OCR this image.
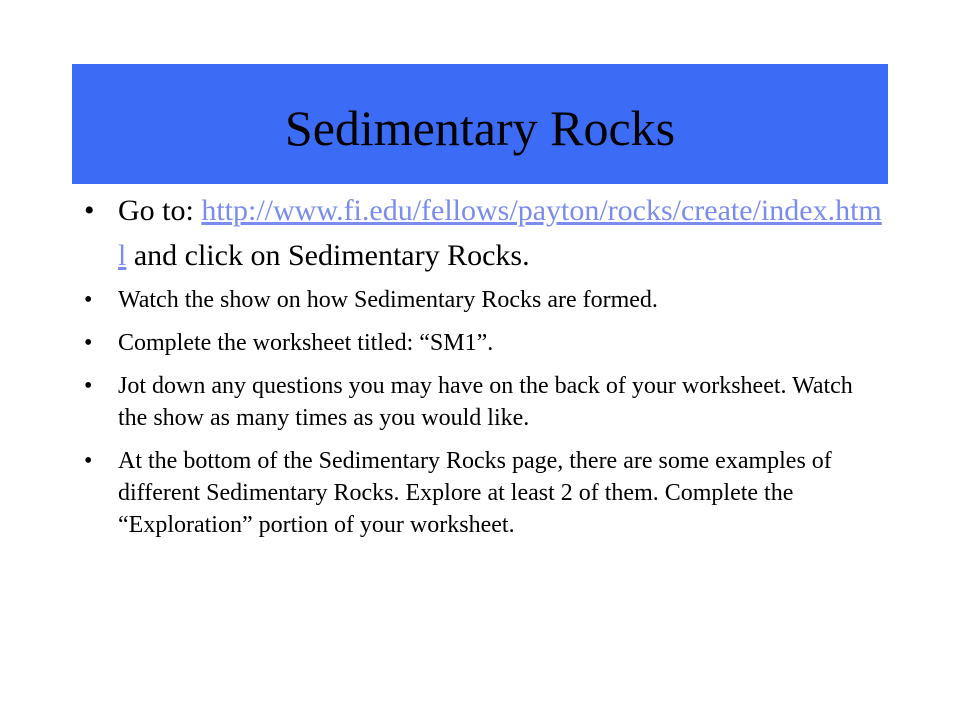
Sedimentary Rocks
• Go to: http://www.fi.edu/fellows/payton/rocks/create/index.html and click on Sedimentary Rocks.
• Watch the show on how Sedimentary Rocks are formed.
• Complete the worksheet titled: “SM1”.
• Jot down any questions you may have on the back of your worksheet. Watch the show as many times as you would like.
• At the bottom of the Sedimentary Rocks page, there are some examples of different Sedimentary Rocks. Explore at least 2 of them. Complete the “Exploration” portion of your worksheet.
